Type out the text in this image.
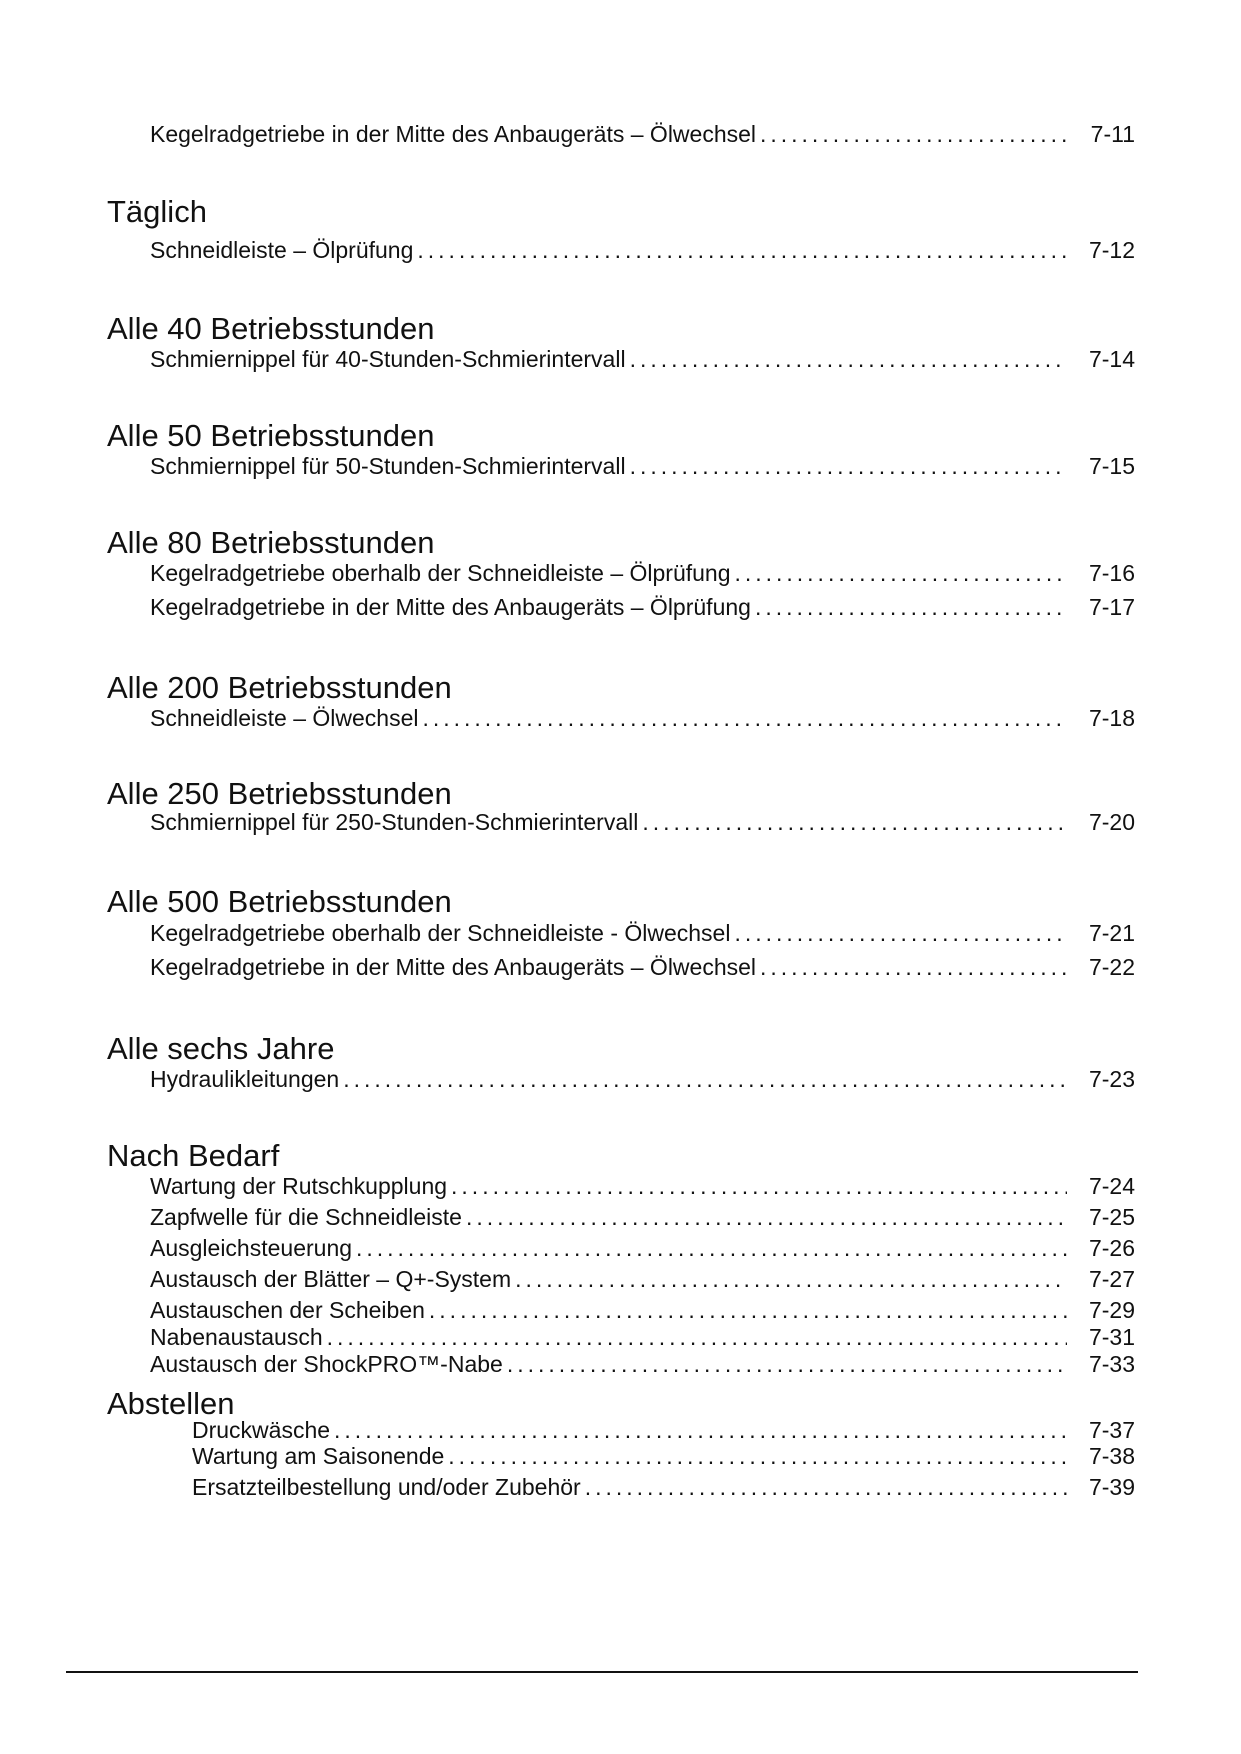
Kegelradgetriebe in der Mitte des Anbaugeräts – Ölwechsel . . .	7-11
Täglich
Schneidleiste – Ölprüfung . . .	7-12
Alle 40 Betriebsstunden
Schmiernippel für 40-Stunden-Schmierintervall . . .	7-14
Alle 50 Betriebsstunden
Schmiernippel für 50-Stunden-Schmierintervall . . .	7-15
Alle 80 Betriebsstunden
Kegelradgetriebe oberhalb der Schneidleiste – Ölprüfung . . .	7-16
Kegelradgetriebe in der Mitte des Anbaugeräts – Ölprüfung . . .	7-17
Alle 200 Betriebsstunden
Schneidleiste – Ölwechsel . . .	7-18
Alle 250 Betriebsstunden
Schmiernippel für 250-Stunden-Schmierintervall . . .	7-20
Alle 500 Betriebsstunden
Kegelradgetriebe oberhalb der Schneidleiste - Ölwechsel . . .	7-21
Kegelradgetriebe in der Mitte des Anbaugeräts – Ölwechsel . . .	7-22
Alle sechs Jahre
Hydraulikleitungen . . .	7-23
Nach Bedarf
Wartung der Rutschkupplung . . .	7-24
Zapfwelle für die Schneidleiste . . .	7-25
Ausgleichsteuerung . . .	7-26
Austausch der Blätter – Q+-System . . .	7-27
Austauschen der Scheiben . . .	7-29
Nabenaustausch . . .	7-31
Austausch der ShockPRO™-Nabe . . .	7-33
Abstellen
Druckwäsche . . .	7-37
Wartung am Saisonende . . .	7-38
Ersatzteilbestellung und/oder Zubehör . . .	7-39
